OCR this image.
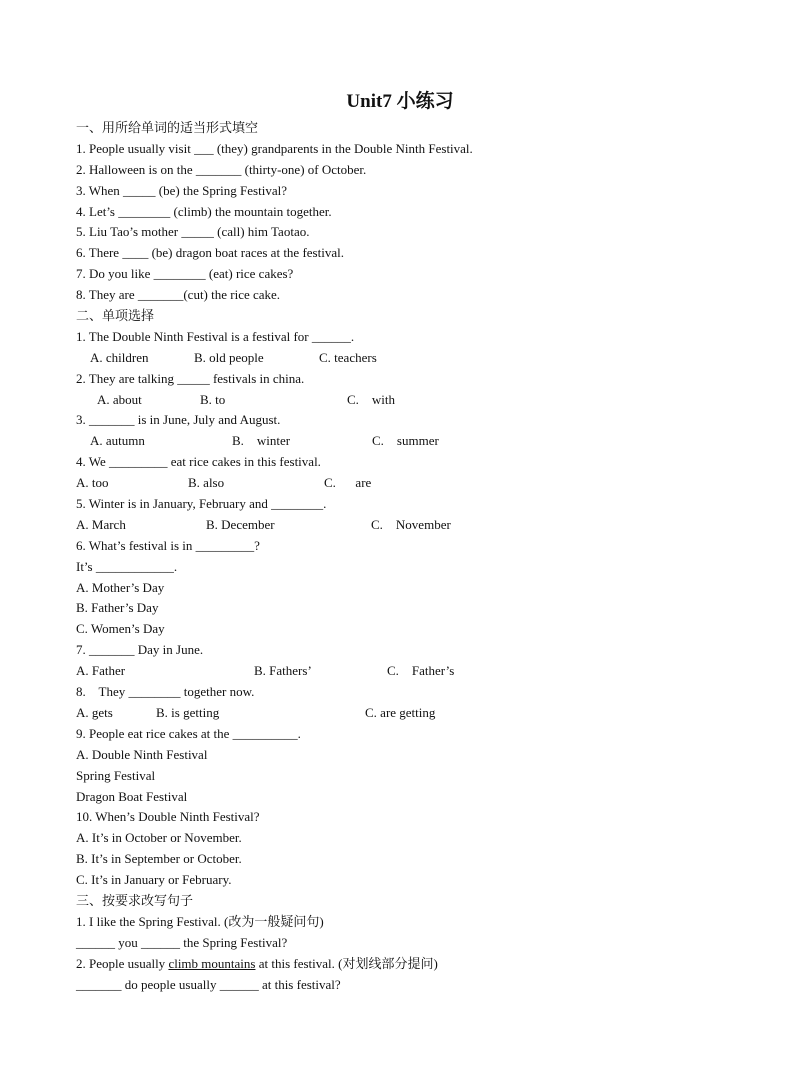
Unit7 小练习
一、用所给单词的适当形式填空
1. People usually visit ___ (they) grandparents in the Double Ninth Festival.
2. Halloween is on the _______ (thirty-one) of October.
3. When _____ (be) the Spring Festival?
4. Let’s ________ (climb) the mountain together.
5. Liu Tao’s mother _____ (call) him Taotao.
6. There ____ (be) dragon boat races at the festival.
7. Do you like ________ (eat) rice cakes?
8. They are _______(cut) the rice cake.
二、单项选择
1. The Double Ninth Festival is a festival for ______.

A. children

	B. old people

	C. teachers

2. They are talking _____ festivals in china.

A. about

	B. to

	C.    with

3. _______ is in June, July and August.

A. autumn

	B.    winter

	C.    summer

4. We _________ eat rice cakes in this festival.

A. too

	B. also

	C.      are

5. Winter is in January, February and ________.

A. March

	B. December

	C.    November

6. What’s festival is in _________?
It’s ____________.
A. Mother’s Day
B. Father’s Day
C. Women’s Day
7. _______ Day in June.

A. Father

	B. Fathers’

	C.    Father’s

8.    They ________ together now.

A. gets

	B. is getting

	C. are getting

9. People eat rice cakes at the __________.
A. Double Ninth Festival
Spring Festival
Dragon Boat Festival
10. When’s Double Ninth Festival?
A. It’s in October or November.
B. It’s in September or October.
C. It’s in January or February.
三、按要求改写句子
1. I like the Spring Festival. (改为一般疑问句)
______ you ______ the Spring Festival?
2. People usually climb mountains at this festival. (对划线部分提问)
_______ do people usually ______ at this festival?
